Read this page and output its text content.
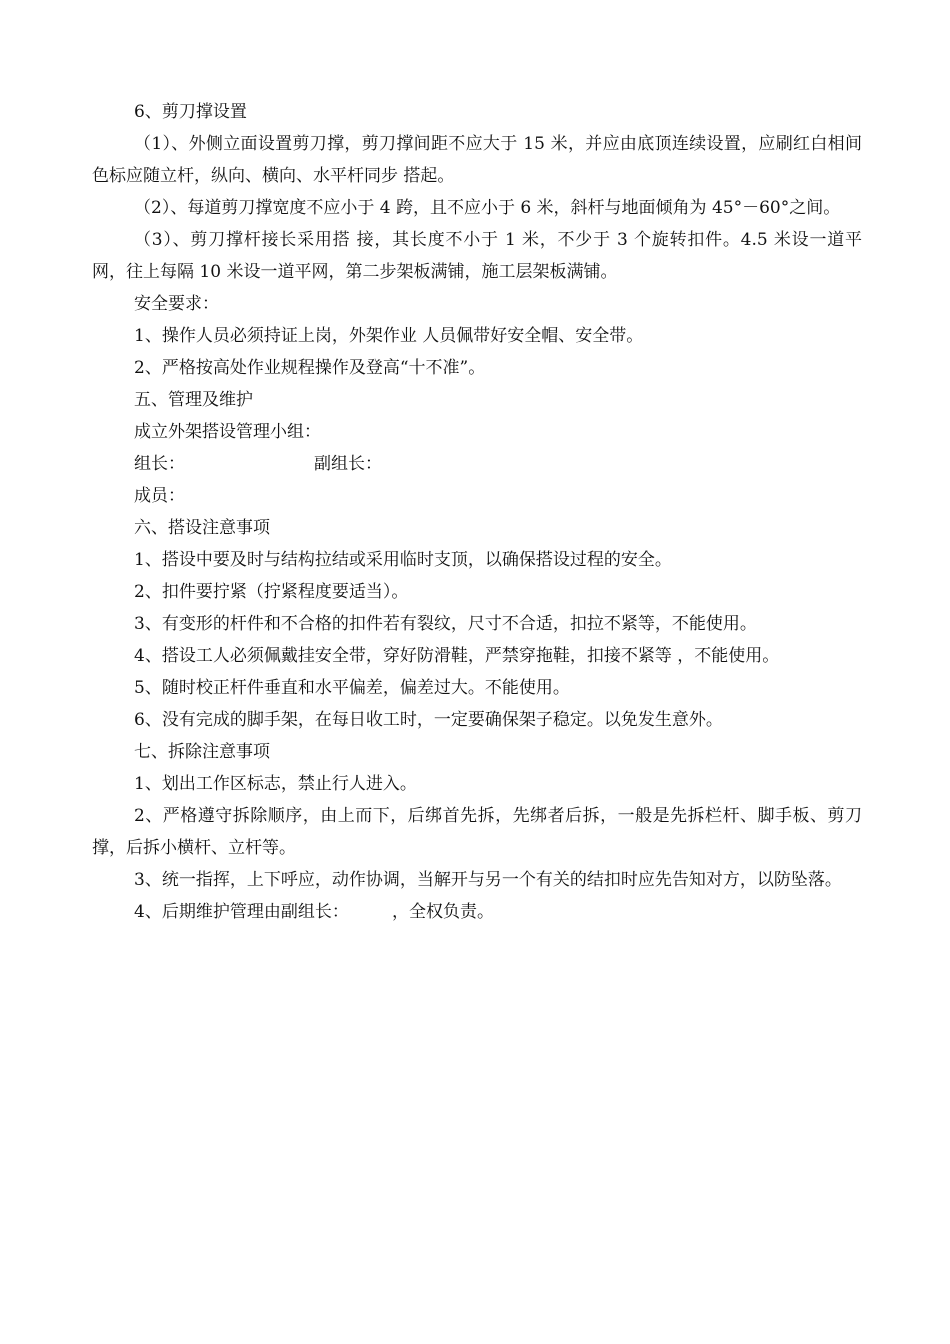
6、剪刀撑设置

（1）、外侧立面设置剪刀撑，剪刀撑间距不应大于 15 米，并应由底顶连续设置，应刷红白相间色标应随立杆，纵向、横向、水平杆同步 搭起。

（2）、每道剪刀撑宽度不应小于 4 跨，且不应小于 6 米，斜杆与地面倾角为 45°－60°之间。

（3）、剪刀撑杆接长采用搭 接，其长度不小于 1 米，不少于 3 个旋转扣件。4.5 米设一道平网，往上每隔 10 米设一道平网，第二步架板满铺，施工层架板满铺。

安全要求：

1、操作人员必须持证上岗，外架作业 人员佩带好安全帽、安全带。

2、严格按高处作业规程操作及登高“十不准”。

五、管理及维护

成立外架搭设管理小组：

组长：	副组长：

成员：

六、搭设注意事项

1、搭设中要及时与结构拉结或采用临时支顶，以确保搭设过程的安全。

2、扣件要拧紧（拧紧程度要适当）。

3、有变形的杆件和不合格的扣件若有裂纹，尺寸不合适，扣拉不紧等，不能使用。

4、搭设工人必须佩戴挂安全带，穿好防滑鞋，严禁穿拖鞋，扣接不紧等 ，不能使用。

5、随时校正杆件垂直和水平偏差，偏差过大。不能使用。

6、没有完成的脚手架，在每日收工时，一定要确保架子稳定。以免发生意外。

七、拆除注意事项

1、划出工作区标志，禁止行人进入。

2、严格遵守拆除顺序，由上而下，后绑首先拆，先绑者后拆，一般是先拆栏杆、脚手板、剪刀撑，后拆小横杆、立杆等。

3、统一指挥，上下呼应，动作协调，当解开与另一个有关的结扣时应先告知对方，以防坠落。

4、后期维护管理由副组长：        ，全权负责。
